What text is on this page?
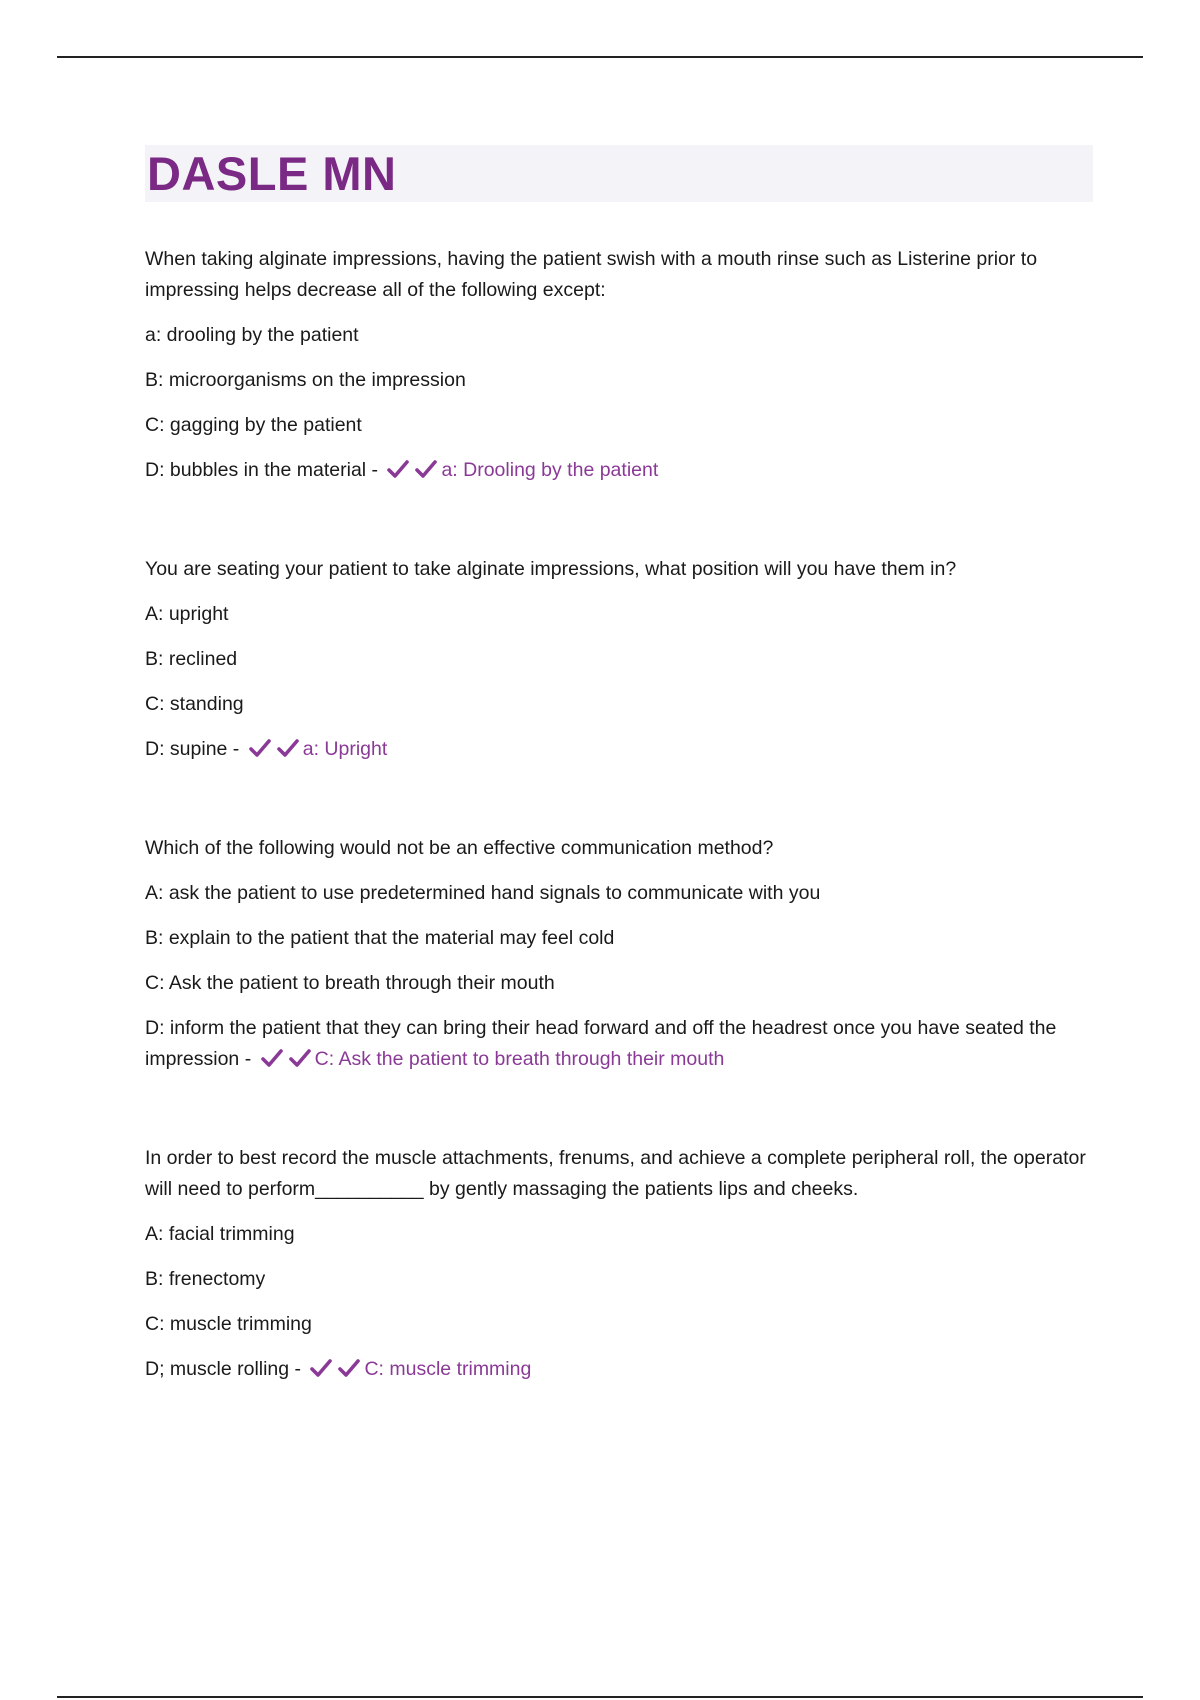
DASLE MN

When taking alginate impressions, having the patient swish with a mouth rinse such as Listerine prior to impressing helps decrease all of the following except:

a: drooling by the patient

B: microorganisms on the impression

C: gagging by the patient

D: bubbles in the material -	a: Drooling by the patient

You are seating your patient to take alginate impressions, what position will you have them in?

A: upright

B: reclined

C: standing

D: supine -	a: Upright

Which of the following would not be an effective communication method?

A: ask the patient to use predetermined hand signals to communicate with you

B: explain to the patient that the material may feel cold

C: Ask the patient to breath through their mouth

D: inform the patient that they can bring their head forward and off the headrest once you have seated the impression -	C: Ask the patient to breath through their mouth

In order to best record the muscle attachments, frenums, and achieve a complete peripheral roll, the operator will need to perform__________ by gently massaging the patients lips and cheeks.

A: facial trimming

B: frenectomy

C: muscle trimming

D; muscle rolling -	C: muscle trimming
